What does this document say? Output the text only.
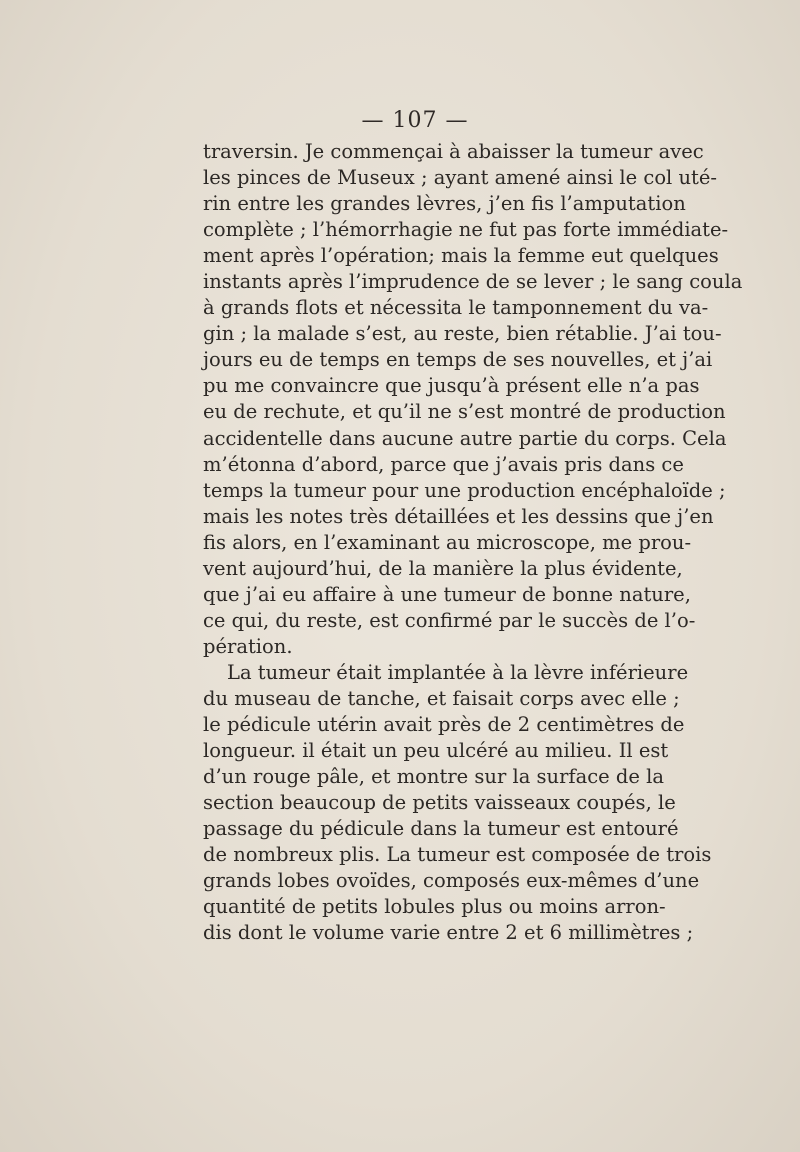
— 107 —
traversin. Je commençai à abaisser la tumeur avec
les pinces de Museux ; ayant amené ainsi le col uté-
rin entre les grandes lèvres, j’en fis l’amputation
complète ; l’hémorrhagie ne fut pas forte immédiate-
ment après l’opération; mais la femme eut quelques
instants après l’imprudence de se lever ; le sang coula
à grands flots et nécessita le tamponnement du va-
gin ; la malade s’est, au reste, bien rétablie. J’ai tou-
jours eu de temps en temps de ses nouvelles, et j’ai
pu me convaincre que jusqu’à présent elle n’a pas
eu de rechute, et qu’il ne s’est montré de production
accidentelle dans aucune autre partie du corps. Cela
m’étonna d’abord, parce que j’avais pris dans ce
temps la tumeur pour une production encéphaloïde ;
mais les notes très détaillées et les dessins que j’en
fis alors, en l’examinant au microscope, me prou-
vent aujourd’hui, de la manière la plus évidente,
que j’ai eu affaire à une tumeur de bonne nature,
ce qui, du reste, est confirmé par le succès de l’o-
pération.
La tumeur était implantée à la lèvre inférieure
du museau de tanche, et faisait corps avec elle ;
le pédicule utérin avait près de 2 centimètres de
longueur. il était un peu ulcéré au milieu. Il est
d’un rouge pâle, et montre sur la surface de la
section beaucoup de petits vaisseaux coupés, le
passage du pédicule dans la tumeur est entouré
de nombreux plis. La tumeur est composée de trois
grands lobes ovoïdes, composés eux-mêmes d’une
quantité de petits lobules plus ou moins arron-
dis dont le volume varie entre 2 et 6 millimètres ;
